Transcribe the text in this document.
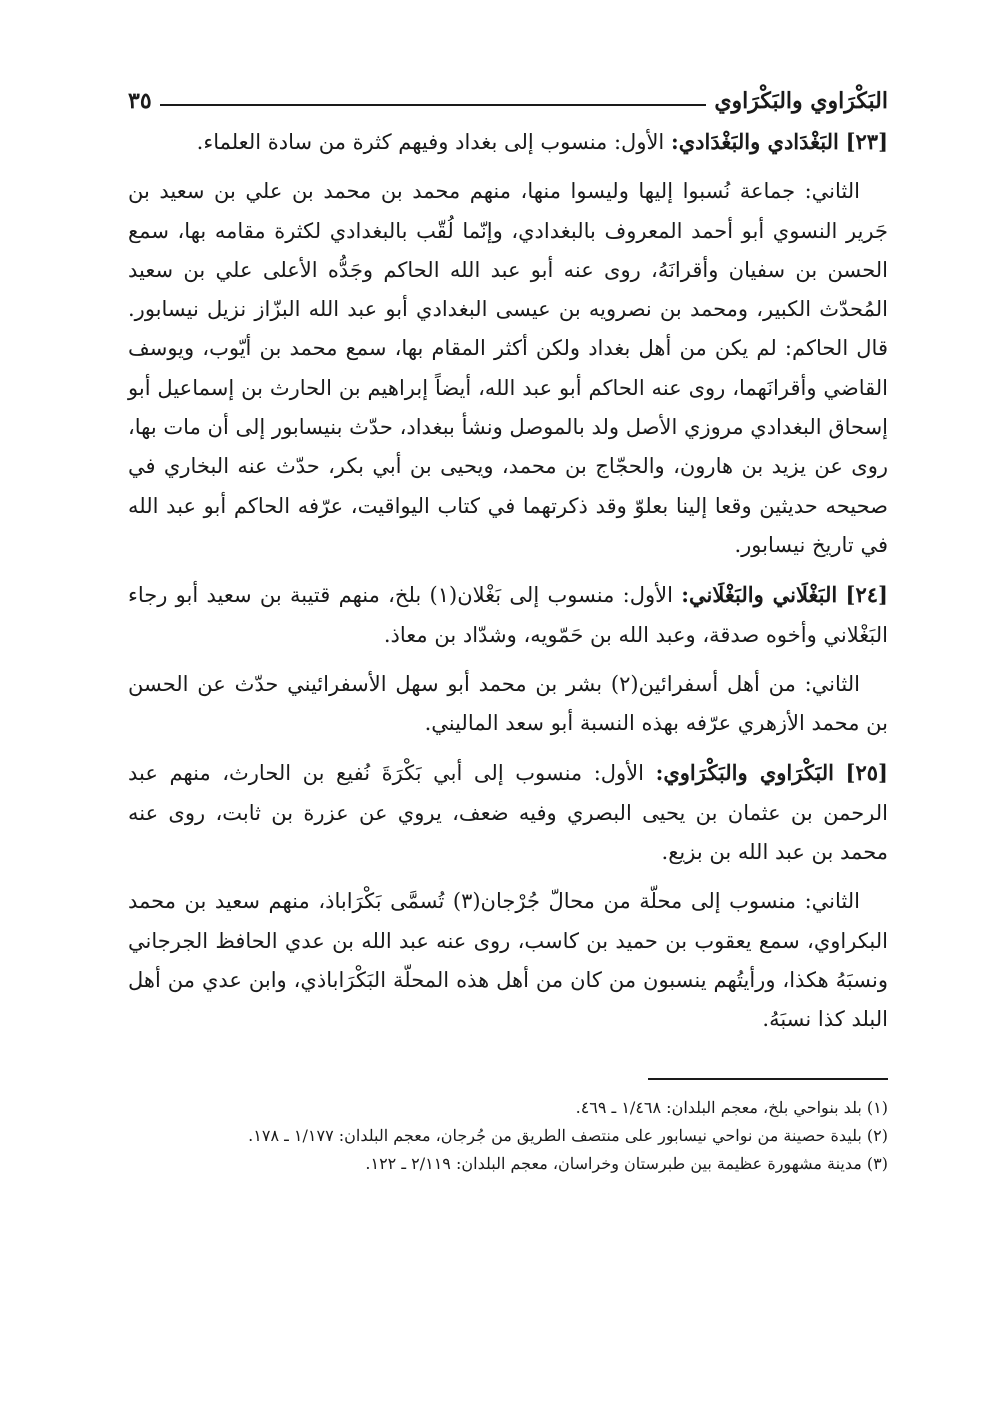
البَكْرَاوي والبَكْرَاوي
٣٥

[٢٣] البَغْدَادي والبَغْدَادي: الأول: منسوب إلى بغداد وفيهم كثرة من سادة العلماء.

الثاني: جماعة نُسبوا إليها وليسوا منها، منهم محمد بن محمد بن علي بن سعيد بن جَرير النسوي أبو أحمد المعروف بالبغدادي، وإنّما لُقّب بالبغدادي لكثرة مقامه بها، سمع الحسن بن سفيان وأقرانَهُ، روى عنه أبو عبد الله الحاكم وجَدُّه الأعلى علي بن سعيد المُحدّث الكبير، ومحمد بن نصرويه بن عيسى البغدادي أبو عبد الله البزّاز نزيل نيسابور. قال الحاكم: لم يكن من أهل بغداد ولكن أكثر المقام بها، سمع محمد بن أيّوب، ويوسف القاضي وأقرانَهما، روى عنه الحاكم أبو عبد الله، أيضاً إبراهيم بن الحارث بن إسماعيل أبو إسحاق البغدادي مروزي الأصل ولد بالموصل ونشأ ببغداد، حدّث بنيسابور إلى أن مات بها، روى عن يزيد بن هارون، والحجّاج بن محمد، ويحيى بن أبي بكر، حدّث عنه البخاري في صحيحه حديثين وقعا إلينا بعلوّ وقد ذكرتهما في كتاب اليواقيت، عرّفه الحاكم أبو عبد الله في تاريخ نيسابور.

[٢٤] البَغْلَاني والبَغْلَاني: الأول: منسوب إلى بَغْلان(١) بلخ، منهم قتيبة بن سعيد أبو رجاء البَغْلاني وأخوه صدقة، وعبد الله بن حَمّويه، وشدّاد بن معاذ.

الثاني: من أهل أسفرائين(٢) بشر بن محمد أبو سهل الأسفرائيني حدّث عن الحسن بن محمد الأزهري عرّفه بهذه النسبة أبو سعد الماليني.

[٢٥] البَكْرَاوي والبَكْرَاوي: الأول: منسوب إلى أبي بَكْرَةَ نُفيع بن الحارث، منهم عبد الرحمن بن عثمان بن يحيى البصري وفيه ضعف، يروي عن عزرة بن ثابت، روى عنه محمد بن عبد الله بن بزيع.

الثاني: منسوب إلى محلّة من محالّ جُرْجان(٣) تُسمَّى بَكْرَاباذ، منهم سعيد بن محمد البكراوي، سمع يعقوب بن حميد بن كاسب، روى عنه عبد الله بن عدي الحافظ الجرجاني ونسبَهُ هكذا، ورأيتُهم ينسبون من كان من أهل هذه المحلّة البَكْرَاباذي، وابن عدي من أهل البلد كذا نسبَهُ.

(١) بلد بنواحي بلخ، معجم البلدان: ١/٤٦٨ ـ ٤٦٩.

(٢) بليدة حصينة من نواحي نيسابور على منتصف الطريق من جُرجان، معجم البلدان: ١/١٧٧ ـ ١٧٨.

(٣) مدينة مشهورة عظيمة بين طبرستان وخراسان، معجم البلدان: ٢/١١٩ ـ ١٢٢.
